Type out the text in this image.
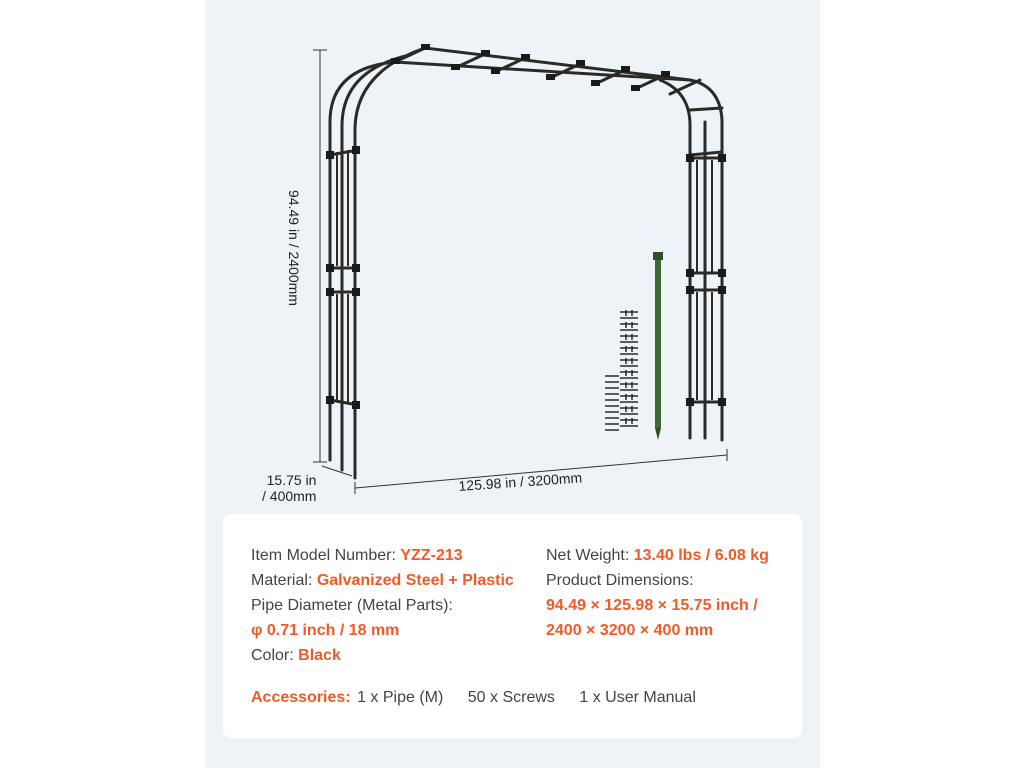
94.49 in / 2400mm
15.75 in
/ 400mm
125.98 in / 3200mm
Item Model Number: YZZ-213
Material: Galvanized Steel + Plastic
Pipe Diameter (Metal Parts):
φ 0.71 inch / 18 mm
Color: Black
Net Weight: 13.40 lbs / 6.08 kg
Product Dimensions:
94.49 × 125.98 × 15.75 inch /
2400 × 3200 × 400 mm
Accessories: 1 x Pipe (M) 50 x Screws 1 x User Manual
